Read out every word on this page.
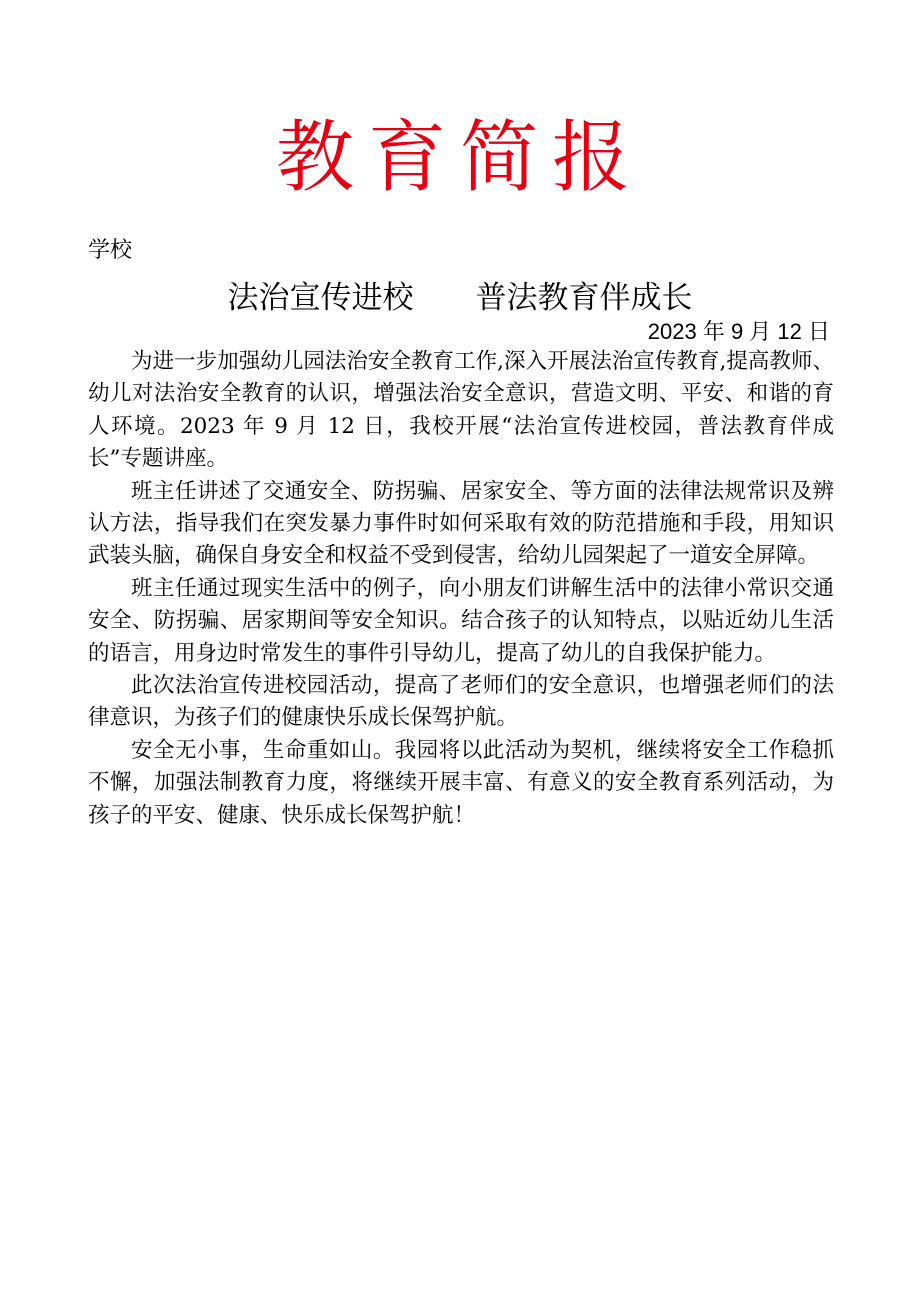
教育简报
学校
法治宣传进校 普法教育伴成长
2023 年 9 月 12 日

为进一步加强幼儿园法治安全教育工作,深入开展法治宣传教育,提高教师、幼儿对法治安全教育的认识，增强法治安全意识，营造文明、平安、和谐的育人环境。2023 年 9 月 12 日，我校开展“法治宣传进校园，普法教育伴成长”专题讲座。

班主任讲述了交通安全、防拐骗、居家安全、等方面的法律法规常识及辨认方法，指导我们在突发暴力事件时如何采取有效的防范措施和手段，用知识武装头脑，确保自身安全和权益不受到侵害，给幼儿园架起了一道安全屏障。

班主任通过现实生活中的例子，向小朋友们讲解生活中的法律小常识交通安全、防拐骗、居家期间等安全知识。结合孩子的认知特点，以贴近幼儿生活的语言，用身边时常发生的事件引导幼儿，提高了幼儿的自我保护能力。

此次法治宣传进校园活动，提高了老师们的安全意识，也增强老师们的法律意识，为孩子们的健康快乐成长保驾护航。

安全无小事，生命重如山。我园将以此活动为契机，继续将安全工作稳抓不懈，加强法制教育力度，将继续开展丰富、有意义的安全教育系列活动，为孩子的平安、健康、快乐成长保驾护航！
